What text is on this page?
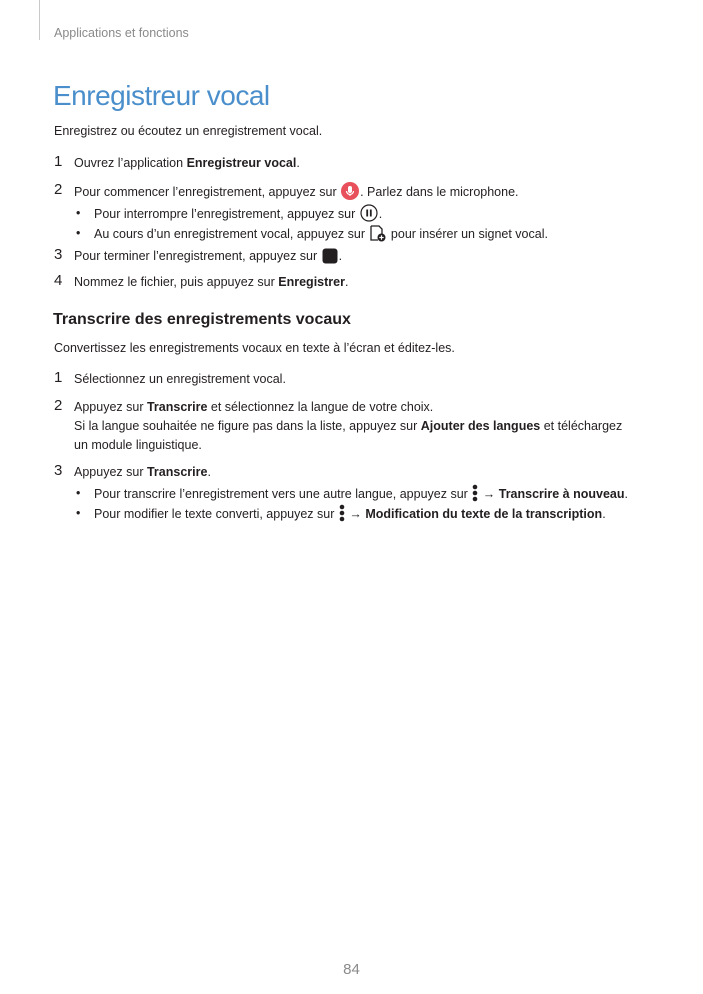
Applications et fonctions
Enregistreur vocal
Enregistrez ou écoutez un enregistrement vocal.
1 Ouvrez l’application Enregistreur vocal.
2 Pour commencer l’enregistrement, appuyez sur . Parlez dans le microphone.
• Pour interrompre l’enregistrement, appuyez sur .
• Au cours d’un enregistrement vocal, appuyez sur  pour insérer un signet vocal.
3 Pour terminer l’enregistrement, appuyez sur .
4 Nommez le fichier, puis appuyez sur Enregistrer.
Transcrire des enregistrements vocaux
Convertissez les enregistrements vocaux en texte à l’écran et éditez-les.
1 Sélectionnez un enregistrement vocal.
2 Appuyez sur Transcrire et sélectionnez la langue de votre choix.
Si la langue souhaitée ne figure pas dans la liste, appuyez sur Ajouter des langues et téléchargez un module linguistique.
3 Appuyez sur Transcrire.
• Pour transcrire l’enregistrement vers une autre langue, appuyez sur  → Transcrire à nouveau.
• Pour modifier le texte converti, appuyez sur  → Modification du texte de la transcription.
84
